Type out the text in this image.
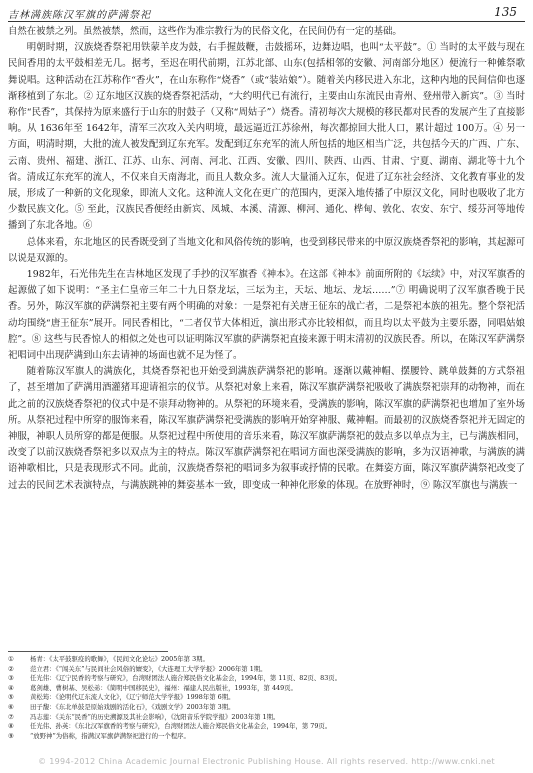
吉林满族陈汉军旗的萨满祭祀	135

自然在被禁之列。虽然被禁，然而，这些作为准宗教行为的民俗文化，在民间仍有一定的基础。

明朝时期，汉族烧香祭祀用铁蒙羊皮为鼓，右手握鼓鞭，击鼓摇环，边舞边唱，也叫“太平鼓”。① 当时的太平鼓与现在民间香用的太平鼓相差无几。据考，至迟在明代前期，江苏北部、山东(包括相邻的安徽、河南部分地区）便流行一种傩祭歌舞说唱。这种活动在江苏称作“香火”，在山东称作“烧香”（或“装站娘”）。随着关内移民进入东北，这种内地的民间信仰也逐渐移植到了东北。② 辽东地区汉族的烧香祭祀活动，“大约明代已有流行，主要由山东流民由青州、登州带入新宾”。③ 当时称作“民香”，其保持为原来盛行于山东的肘鼓子（又称“周姑子”）烧香。清初每次大规模的移民都对民香的发展产生了直接影响。从 1636年至 1642年，清军三次攻入关内明境，最远逼近江苏徐州，每次都掠回大批人口，累计超过 100万。④ 另一方面，明清时期，大批的流人被发配到辽东充军。发配到辽东充军的流人所包括的地区相当广泛，共包括今天的广西、广东、云南、贵州、福建、浙江、江苏、山东、河南、河北、江西、安徽、四川、陕西、山西、甘肃、宁夏、湖南、湖北等十九个省。清成辽东充军的流人，不仅来自天南海北，而且人数众多。流人大量涌入辽东，促进了辽东社会经济、文化教育事业的发展，形成了一种新的文化现象，即流人文化。这种流人文化在更广的范围内，更深入地传播了中原汉文化，同时也吸收了北方少数民族文化。⑤ 至此，汉族民香便经由新宾、凤城、本溪、清源、柳河、通化、桦甸、敦化、农安、东宁、绥芬河等地传播到了东北各地。⑥

总体来看，东北地区的民香既受到了当地文化和风俗传统的影响，也受到移民带来的中原汉族烧香祭祀的影响，其起源可以说是双源的。

1982年，石光伟先生在吉林地区发现了手抄的汉军旗香《神本》。在这部《神本》前面所附的《坛续》中，对汉军旗香的起源做了如下说明：“圣主仁皇帝三年二十九日祭龙坛，三坛为主，天坛、地坛、龙坛……”⑦ 明确说明了汉军旗香晚于民香。另外，陈汉军旗的萨满祭祀主要有两个明确的对象：一是祭祀有关唐王征东的战亡者，二是祭祀本族的祖先。整个祭祀活动均围绕“唐王征东”展开。同民香相比，“二者仅节大体相近，演出形式亦比较相似，而且均以太平鼓为主要乐器，同唱姑娘腔”。⑧ 这些与民香惊人的相似之处也可以证明陈汉军旗的萨满祭祀直接来源于明末清初的汉族民香。所以，在陈汉军萨满祭祀唱词中出现萨满到山东去请神的场面也就不足为怪了。

随着陈汉军旗人的满族化，其烧香祭祀也开始受到满族萨满祭祀的影响。逐渐以戴神帽、摆腰铃、跳单鼓舞的方式祭祖了，甚至增加了萨满用酒灌猪耳迎请祖宗的仪节。从祭祀对象上来看，陈汉军旗萨满祭祀吸收了满族祭祀崇拜的动物神，而在此之前的汉族烧香祭祀的仪式中是不崇拜动物神的。从祭祀的环境来看，受满族的影响，陈汉军旗的萨满祭祀也增加了室外场所。从祭祀过程中所穿的服饰来看，陈汉军旗萨满祭祀受满族的影响开始穿神服、戴神帽。而最初的汉族烧香祭祀并无固定的神服，神职人员所穿的都是便服。从祭祀过程中所使用的音乐来看，陈汉军旗萨满祭祀的鼓点多以单点为主，已与满族相同，改变了以前汉族烧香祭祀多以双点为主的特点。陈汉军旗萨满祭祀在唱词方面也深受满族的影响，多为汉语神歌，与满族的满语神歌相比，只是表现形式不同。此前，汉族烧香祭祀的唱词多为叙事或抒情的民歌。在舞姿方面，陈汉军旗萨满祭祀改变了过去的民间艺术表演特点，与满族跳神的舞姿基本一致，即变成一种神化形象的体现。在放野神时，⑨ 陈汉军旗也与满族一

①	杨青：《太平鼓驱疫的歌舞》，《民间文化论坛》2005年第 3期。
②	范立君：《“闯关东”与民间社会风俗的嬗变》，《大连理工大学学报》2006年第 1期。
③	任光伟：《辽宁民香的考察与研究》，台湾财团法人施合郑民俗文化基金会，1994年，第 11页、82页、83页。
④	葛剑雄、曹树基、吴松弟：《简明中国移民史》，福州：福建人民出版社，1993年，第 449页。
⑤	黄松筠：《论明代辽东流人文化》，《辽宁师范大学学报》1998年第 6期。
⑥	田子馥：《东北单鼓是原始戏剧的活化石》，《戏剧文学》2003年第 3期。
⑦	冯志莲：《关东“民香”的历史溯源及其社会影响》，《沈阳音乐学院学报》2003年第 1期。
⑧	任光伟、孙英：《东北汉军旗香的考察与研究》，台湾财团法人施合郑民俗文化基金会，1994年，第 79页。
⑨	“放野神”为俗称，指满汉军旗萨满祭祀进行的一个程序。
© 1994-2012 China Academic Journal Electronic Publishing House. All rights reserved. http://www.cnki.net
